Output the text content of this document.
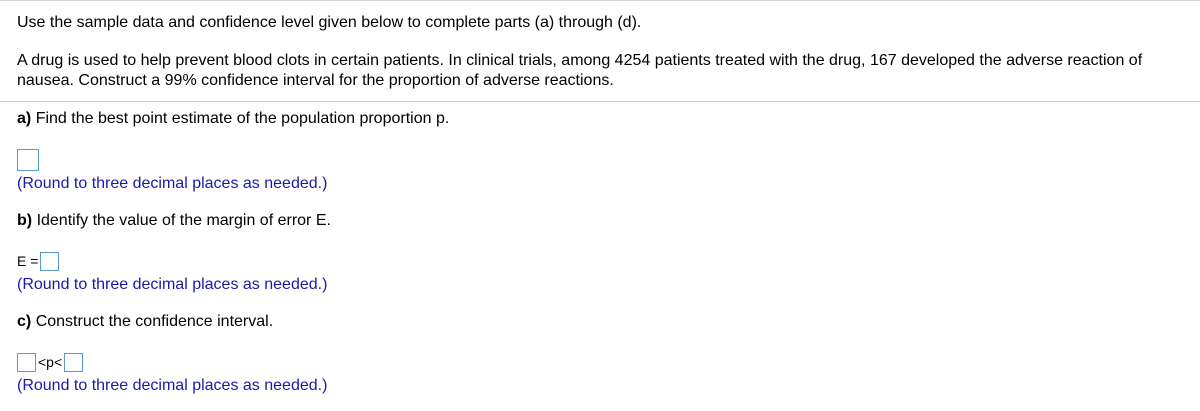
Use the sample data and confidence level given below to complete parts (a) through (d).
A drug is used to help prevent blood clots in certain patients. In clinical trials, among 4254 patients treated with the drug, 167 developed the adverse reaction of nausea. Construct a 99% confidence interval for the proportion of adverse reactions.
a) Find the best point estimate of the population proportion p.
(Round to three decimal places as needed.)
b) Identify the value of the margin of error E.
E =
(Round to three decimal places as needed.)
c) Construct the confidence interval.
<p<
(Round to three decimal places as needed.)
